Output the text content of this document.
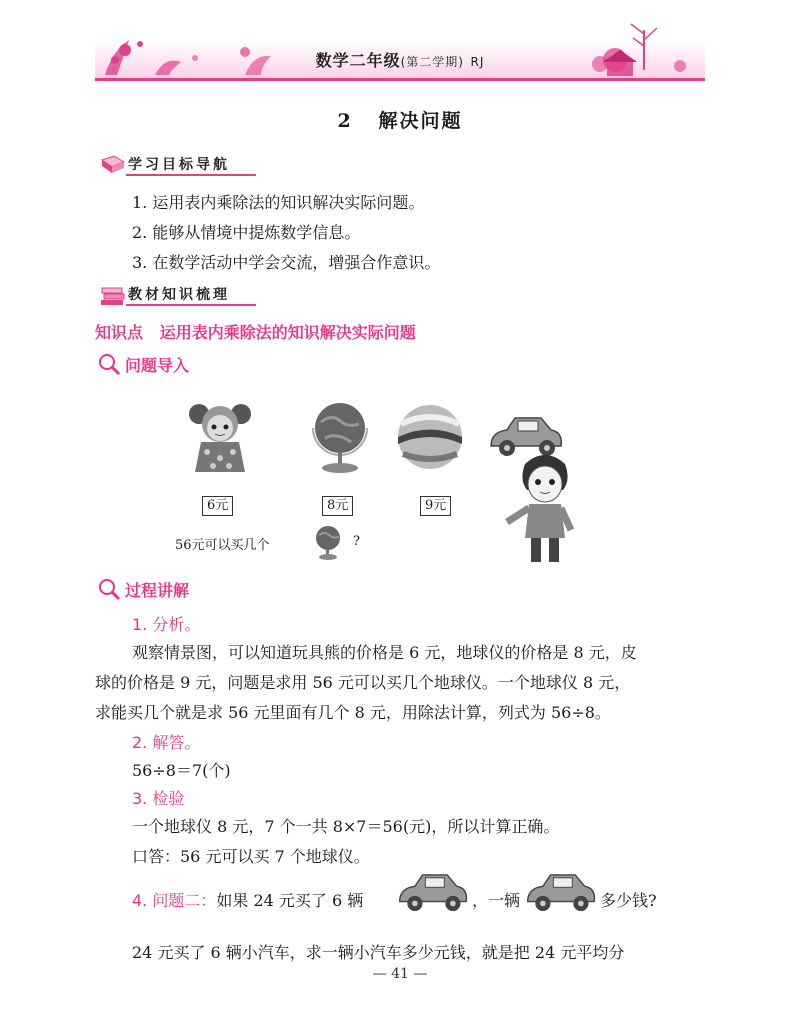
数学二年级(第二学期) RJ
2 解决问题
学习目标导航
1. 运用表内乘除法的知识解决实际问题。
2. 能够从情境中提炼数学信息。
3. 在数学活动中学会交流，增强合作意识。
教材知识梳理
知识点 运用表内乘除法的知识解决实际问题
问题导入
6元	8元	9元
56元可以买几个	?
过程讲解
1. 分析。
观察情景图，可以知道玩具熊的价格是 6 元，地球仪的价格是 8 元，皮
球的价格是 9 元，问题是求用 56 元可以买几个地球仪。一个地球仪 8 元，
求能买几个就是求 56 元里面有几个 8 元，用除法计算，列式为 56÷8。
2. 解答。
56÷8＝7(个)
3. 检验
一个地球仪 8 元，7 个一共 8×7＝56(元)，所以计算正确。
口答：56 元可以买 7 个地球仪。
4. 问题二：如果 24 元买了 6 辆	，一辆	多少钱?
24 元买了 6 辆小汽车，求一辆小汽车多少元钱，就是把 24 元平均分
— 41 —
